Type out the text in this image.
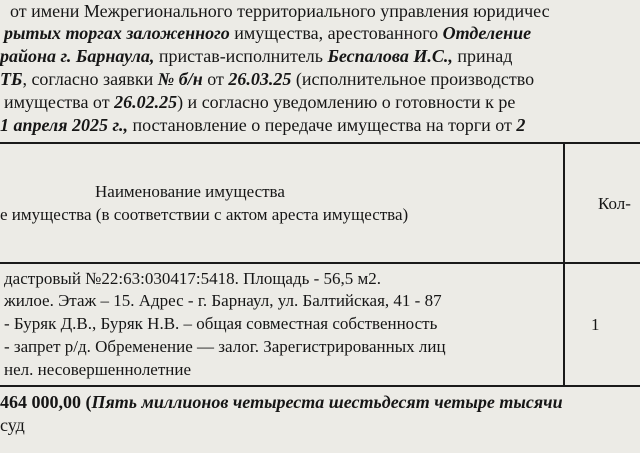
от имени Межрегионального территориального управления юридичес
рытых торгах заложенного имущества, арестованного Отделение
района г. Барнаула, пристав-исполнитель Беспалова И.С., принад
ТБ, согласно заявки № б/н от 26.03.25 (исполнительное производство
имущества от 26.02.25) и согласно уведомлению о готовности к ре
1 апреля 2025 г., постановление о передаче имущества на торги от 2
Наименование имущества
е имущества (в соответствии с актом ареста имущества)
Кол-
дастровый №22:63:030417:5418. Площадь - 56,5 м2.
жилое. Этаж – 15. Адрес - г. Барнаул, ул. Балтийская, 41 - 87
- Буряк Д.В., Буряк Н.В. – общая совместная собственность
- запрет р/д. Обременение — залог. Зарегистрированных лиц
нел. несовершеннолетние
1
464 000,00 (Пять миллионов четыреста шестьдесят четыре тысячи
суд
